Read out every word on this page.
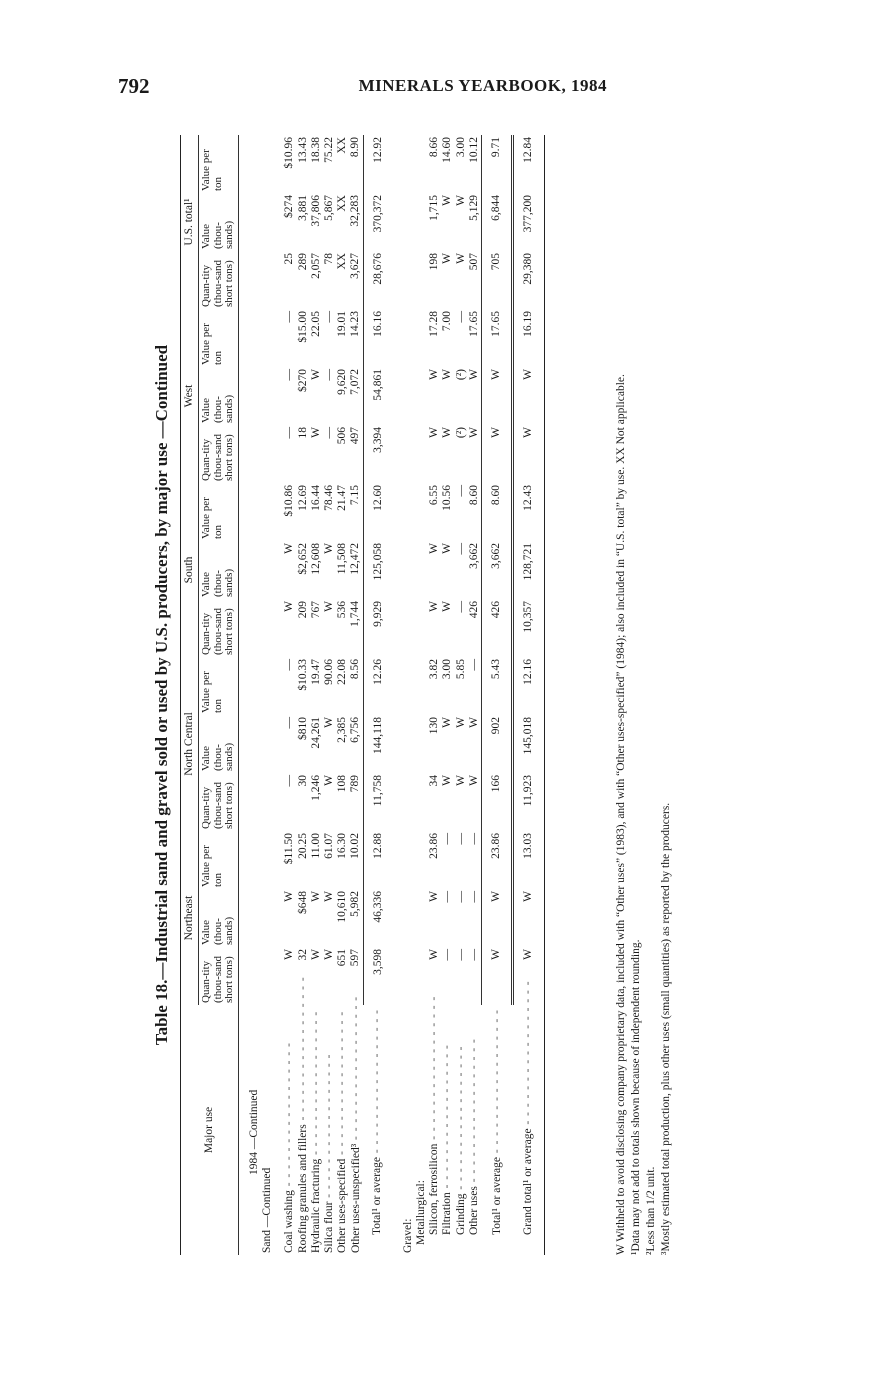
792	MINERALS YEARBOOK, 1984
Table 18.—Industrial sand and gravel sold or used by U.S. producers, by major use —Continued
Major use	Northeast			North Central			South			West			U.S. total¹		
	Quan-tity (thou-sand short tons)	Value (thou-sands)	Value per ton	Quan-tity (thou-sand short tons)	Value (thou-sands)	Value per ton	Quan-tity (thou-sand short tons)	Value (thou-sands)	Value per ton	Quan-tity (thou-sand short tons)	Value (thou-sands)	Value per ton	Quan-tity (thou-sand short tons)	Value (thou-sands)	Value per ton

1984 —Continued															
Sand —Continued															

Coal washing - - -	W	W	$11.50	—	—	—	W	W	$10.86	—	—	—	25	$274	$10.96
Roofing granules and fillers - - -	32	$648	20.25	30	$810	$10.33	209	$2,652	12.69	18	$270	$15.00	289	3,881	13.43
Hydraulic fracturing - - -	W	W	11.00	1,246	24,261	19.47	767	12,608	16.44	W	W	22.05	2,057	37,806	18.38
Silica flour - - -	W	W	61.07	W	W	90.06	W	W	78.46	—	—	—	78	5,867	75.22
Other uses-specified - - -	651	10,610	16.30	108	2,385	22.08	536	11,508	21.47	506	9,620	19.01	XX	XX	XX
Other uses-unspecified³ - - -	597	5,982	10.02	789	6,756	8.56	1,744	12,472	7.15	497	7,072	14.23	3,627	32,283	8.90
Total¹ or average - - -	3,598	46,336	12.88	11,758	144,118	12.26	9,929	125,058	12.60	3,394	54,861	16.16	28,676	370,372	12.92

Gravel:															
Metallurgical:															
Silicon, ferrosilicon - - -	W	W	23.86	34	130	3.82	W	W	6.55	W	W	17.28	198	1,715	8.66
Filtration - - -	—	—	—	W	W	3.00	W	W	10.56	W	W	7.00	W	W	14.60
Grinding - - -	—	—	—	W	W	5.85	—	—	—	(²)	(²)	—	W	W	3.00
Other uses - - -	—	—	—	W	W	—	426	3,662	8.60	W	W	17.65	507	5,129	10.12
Total¹ or average - - -	W	W	23.86	166	902	5.43	426	3,662	8.60	W	W	17.65	705	6,844	9.71
Grand total¹ or average - - -	W	W	13.03	11,923	145,018	12.16	10,357	128,721	12.43	W	W	16.19	29,380	377,200	12.84

W Withheld to avoid disclosing company proprietary data, included with “Other uses” (1983), and with “Other uses-specified” (1984); also included in “U.S. total” by use. XX Not applicable. ¹Data may not add to totals shown because of independent rounding. ²Less than 1/2 unit. ³Mostly estimated total production, plus other uses (small quantities) as reported by the producers.
